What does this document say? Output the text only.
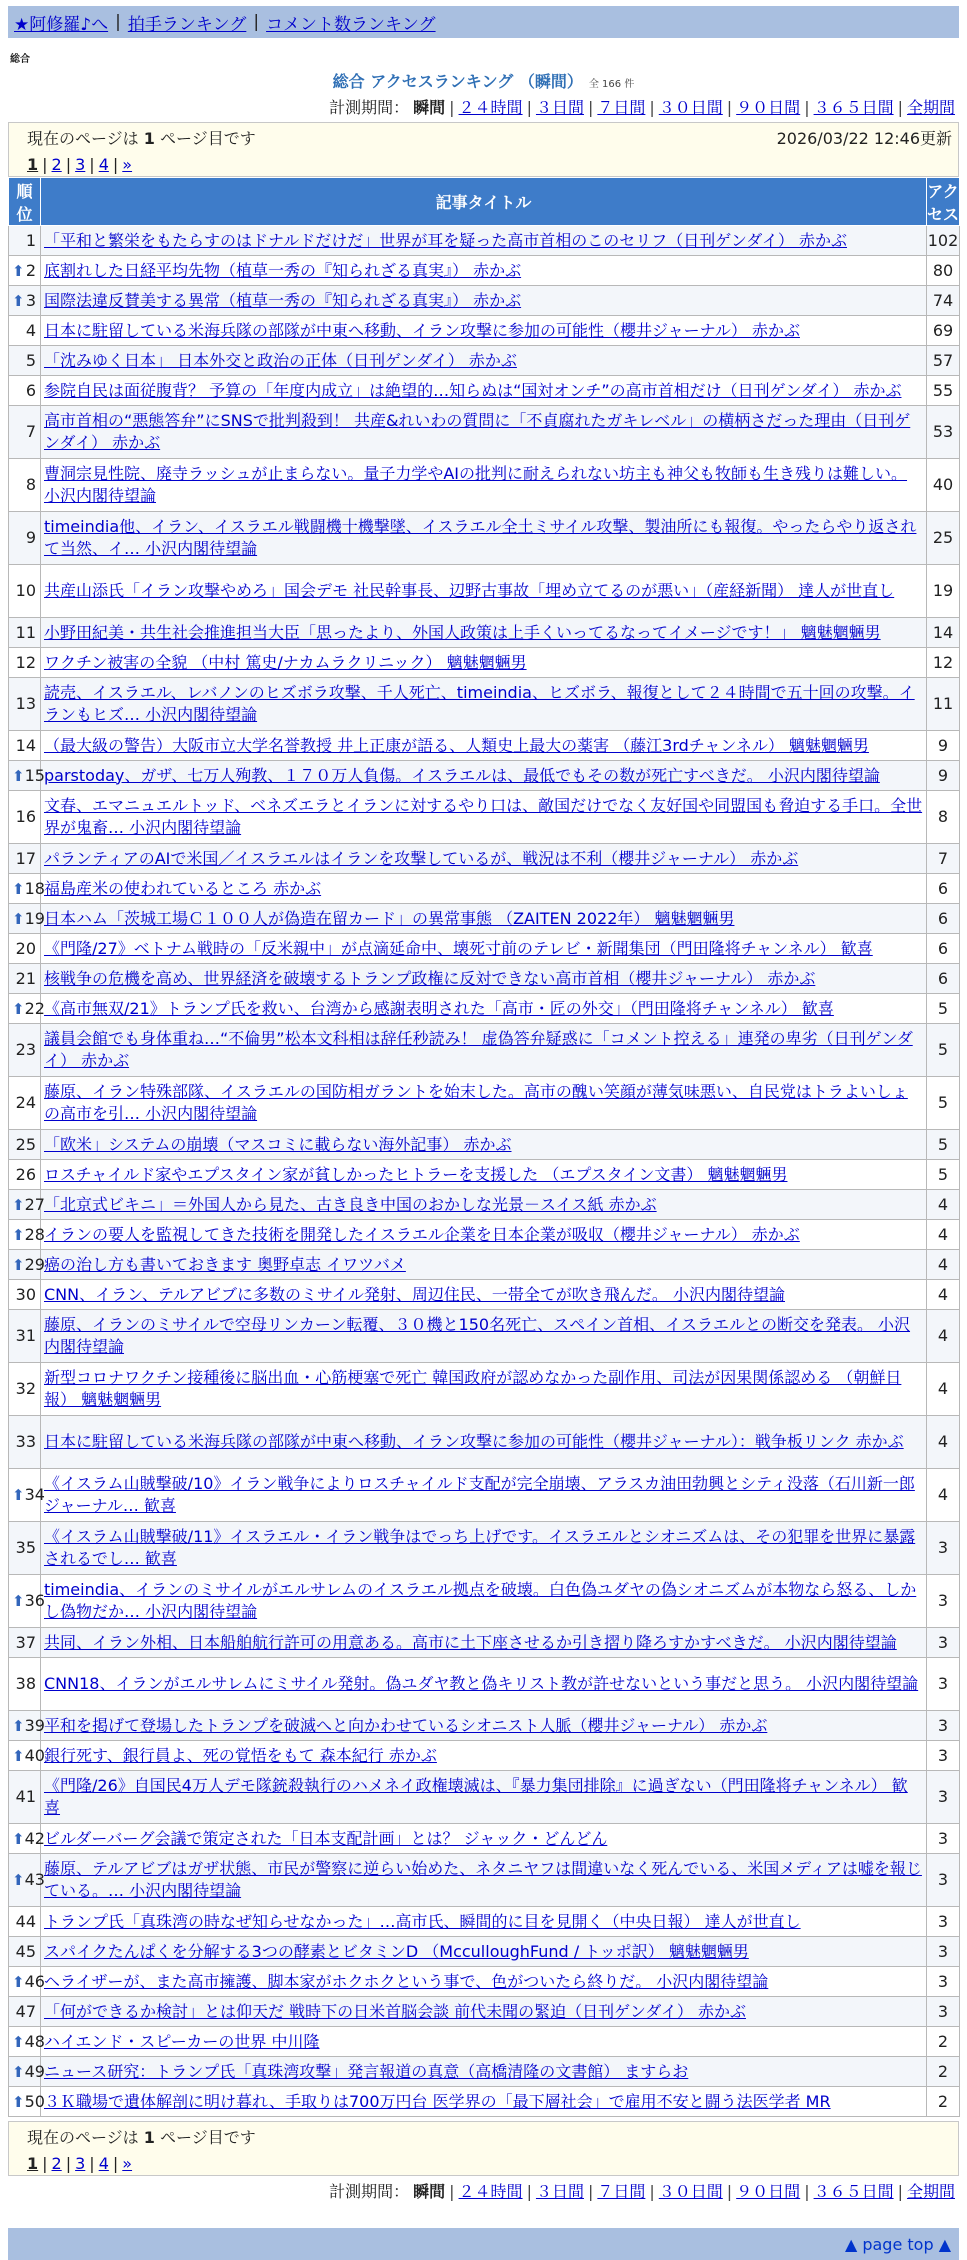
★阿修羅♪へ | 拍手ランキング | コメント数ランキング
総合
総合 アクセスランキング （瞬間） 全 166 件
計測期間： 瞬間 | ２４時間 | ３日間 | ７日間 | ３０日間 | ９０日間 | ３６５日間 | 全期間
現在のページは 1 ページ目です	2026/03/22 12:46更新
1 | 2 | 3 | 4 | »
順位	記事タイトル	アクセス
1	「平和と繁栄をもたらすのはドナルドだけだ」世界が耳を疑った高市首相のこのセリフ（日刊ゲンダイ） 赤かぶ	102

⬆ 2	底割れした日経平均先物（植草一秀の『知られざる真実』） 赤かぶ	80

⬆ 3	国際法違反賛美する異常（植草一秀の『知られざる真実』） 赤かぶ	74
4	日本に駐留している米海兵隊の部隊が中東へ移動、イラン攻撃に参加の可能性（櫻井ジャーナル） 赤かぶ	69
5	「沈みゆく日本」 日本外交と政治の正体（日刊ゲンダイ） 赤かぶ	57
6	参院自民は面従腹背？ 予算の「年度内成立」は絶望的…知らぬは“国対オンチ”の高市首相だけ（日刊ゲンダイ） 赤かぶ	55
7	高市首相の“悪態答弁”にSNSで批判殺到！ 共産&れいわの質問に「不貞腐れたガキレベル」の横柄さだった理由（日刊ゲンダイ） 赤かぶ	53
8	曹洞宗見性院、廃寺ラッシュが止まらない。量子力学やAIの批判に耐えられない坊主も神父も牧師も生き残りは難しい。 小沢内閣待望論	40
9	timeindia他、イラン、イスラエル戦闘機十機撃墜、イスラエル全土ミサイル攻撃、製油所にも報復。やったらやり返されて当然、イ… 小沢内閣待望論	25
10	共産山添氏「イラン攻撃やめろ」国会デモ 社民幹事長、辺野古事故「埋め立てるのが悪い」（産経新聞） 達人が世直し	19
11	小野田紀美・共生社会推進担当大臣「思ったより、外国人政策は上手くいってるなってイメージです！」 魑魅魍魎男	14
12	ワクチン被害の全貌 （中村 篤史/ナカムラクリニック） 魑魅魍魎男	12
13	読売、イスラエル、レバノンのヒズボラ攻撃、千人死亡、timeindia、ヒズボラ、報復として２４時間で五十回の攻撃。イランもヒズ… 小沢内閣待望論	11
14	（最大級の警告）大阪市立大学名誉教授 井上正康が語る、人類史上最大の薬害 （藤江3rdチャンネル） 魑魅魍魎男	9

⬆ 15	parstoday、ガザ、七万人殉教、１７０万人負傷。イスラエルは、最低でもその数が死亡すべきだ。 小沢内閣待望論	9
16	文春、エマニュエルトッド、ベネズエラとイランに対するやり口は、敵国だけでなく友好国や同盟国も脅迫する手口。全世界が鬼畜… 小沢内閣待望論	8
17	パランティアのAIで米国／イスラエルはイランを攻撃しているが、戦況は不利（櫻井ジャーナル） 赤かぶ	7

⬆ 18	福島産米の使われているところ 赤かぶ	6

⬆ 19	日本ハム「茨城工場Ｃ１００人が偽造在留カード」の異常事態 （ZAITEN 2022年） 魑魅魍魎男	6
20	《門隆/27》ベトナム戦時の「反米親中」が点滴延命中、壊死寸前のテレビ・新聞集団（門田隆将チャンネル） 歓喜	6
21	核戦争の危機を高め、世界経済を破壊するトランプ政権に反対できない高市首相（櫻井ジャーナル） 赤かぶ	6

⬆ 22	《高市無双/21》トランプ氏を救い、台湾から感謝表明された「高市・匠の外交」（門田隆将チャンネル） 歓喜	5
23	議員会館でも身体重ね…“不倫男”松本文科相は辞任秒読み！ 虚偽答弁疑惑に「コメント控える」連発の卑劣（日刊ゲンダイ） 赤かぶ	5
24	藤原、イラン特殊部隊、イスラエルの国防相ガラントを始末した。高市の醜い笑顔が薄気味悪い、自民党はトラよいしょの高市を引… 小沢内閣待望論	5
25	「欧米」システムの崩壊（マスコミに載らない海外記事） 赤かぶ	5
26	ロスチャイルド家やエプスタイン家が貧しかったヒトラーを支援した （エプスタイン文書） 魑魅魍魎男	5

⬆ 27	「北京式ビキニ」＝外国人から見た、古き良き中国のおかしな光景－スイス紙 赤かぶ	4

⬆ 28	イランの要人を監視してきた技術を開発したイスラエル企業を日本企業が吸収（櫻井ジャーナル） 赤かぶ	4

⬆ 29	癌の治し方も書いておきます 奥野卓志 イワツバメ	4
30	CNN、イラン、テルアビブに多数のミサイル発射、周辺住民、一帯全てが吹き飛んだ。 小沢内閣待望論	4
31	藤原、イランのミサイルで空母リンカーン転覆、３０機と150名死亡、スペイン首相、イスラエルとの断交を発表。 小沢内閣待望論	4
32	新型コロナワクチン接種後に脳出血・心筋梗塞で死亡 韓国政府が認めなかった副作用、司法が因果関係認める （朝鮮日報） 魑魅魍魎男	4
33	日本に駐留している米海兵隊の部隊が中東へ移動、イラン攻撃に参加の可能性（櫻井ジャーナル）：戦争板リンク 赤かぶ	4

⬆ 34	《イスラム山賊撃破/10》イラン戦争によりロスチャイルド支配が完全崩壊、アラスカ油田勃興とシティ没落（石川新一郎ジャーナル… 歓喜	4
35	《イスラム山賊撃破/11》イスラエル・イラン戦争はでっち上げです。イスラエルとシオニズムは、その犯罪を世界に暴露されるでし… 歓喜	3

⬆ 36	timeindia、イランのミサイルがエルサレムのイスラエル拠点を破壊。白色偽ユダヤの偽シオニズムが本物なら怒る、しかし偽物だか… 小沢内閣待望論	3
37	共同、イラン外相、日本船舶航行許可の用意ある。高市に土下座させるか引き摺り降ろすかすべきだ。 小沢内閣待望論	3
38	CNN18、イランがエルサレムにミサイル発射。偽ユダヤ教と偽キリスト教が許せないという事だと思う。 小沢内閣待望論	3

⬆ 39	平和を掲げて登場したトランプを破滅へと向かわせているシオニスト人脈（櫻井ジャーナル） 赤かぶ	3

⬆ 40	銀行死す、銀行員よ、死の覚悟をもて 森本紀行 赤かぶ	3
41	《門隆/26》自国民4万人デモ隊銃殺執行のハメネイ政権壊滅は、『暴力集団排除』に過ぎない（門田隆将チャンネル） 歓喜	3

⬆ 42	ビルダーバーグ会議で策定された「日本支配計画」とは？ ジャック・どんどん	3

⬆ 43	藤原、テルアビブはガザ状態、市民が警察に逆らい始めた、ネタニヤフは間違いなく死んでいる、米国メディアは嘘を報じている。… 小沢内閣待望論	3
44	トランプ氏「真珠湾の時なぜ知らせなかった」…高市氏、瞬間的に目を見開く（中央日報） 達人が世直し	3
45	スパイクたんぱくを分解する3つの酵素とビタミンD （McculloughFund / トッポ訳） 魑魅魍魎男	3

⬆ 46	ヘライザーが、また高市擁護、脚本家がホクホクという事で、色がついたら終りだ。 小沢内閣待望論	3
47	「何ができるか検討」とは仰天だ 戦時下の日米首脳会談 前代未聞の緊迫（日刊ゲンダイ） 赤かぶ	3

⬆ 48	ハイエンド・スピーカーの世界 中川隆	2

⬆ 49	ニュース研究：トランプ氏「真珠湾攻撃」発言報道の真意（高橋清隆の文書館） ますらお	2

⬆ 50	３Ｋ職場で遺体解剖に明け暮れ、手取りは700万円台 医学界の「最下層社会」で雇用不安と闘う法医学者 MR	2
現在のページは 1 ページ目です
1 | 2 | 3 | 4 | »
計測期間： 瞬間 | ２４時間 | ３日間 | ７日間 | ３０日間 | ９０日間 | ３６５日間 | 全期間
▲ page top ▲
